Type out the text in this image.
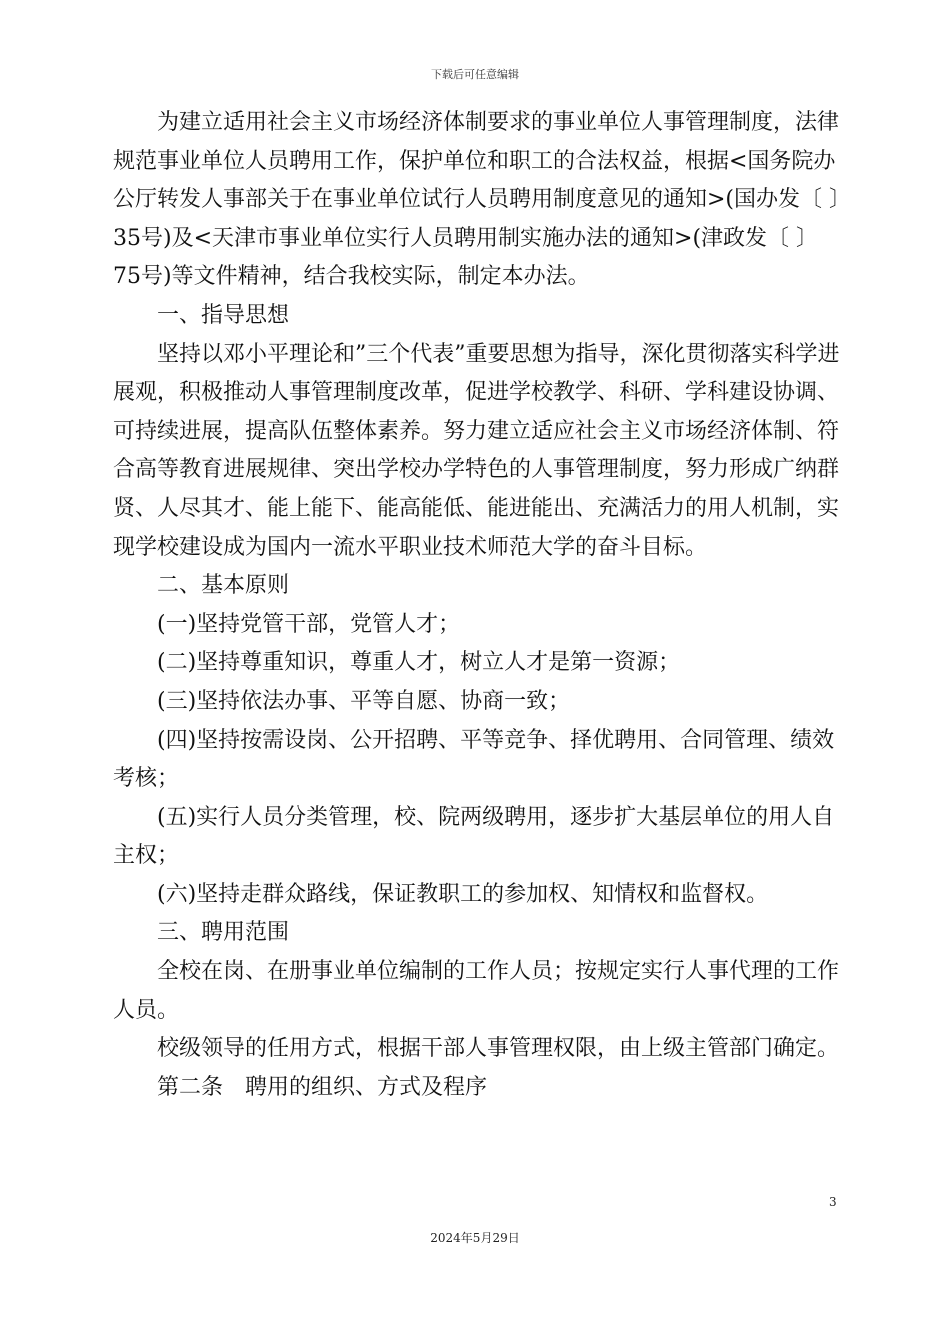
下载后可任意编辑

为建立适用社会主义市场经济体制要求的事业单位人事管理制度，法律规范事业单位人员聘用工作，保护单位和职工的合法权益，根据<国务院办公厅转发人事部关于在事业单位试行人员聘用制度意见的通知>(国办发〔 〕35号)及<天津市事业单位实行人员聘用制实施办法的通知>(津政发〔 〕75号)等文件精神，结合我校实际，制定本办法。

一、指导思想

坚持以邓小平理论和”三个代表”重要思想为指导，深化贯彻落实科学进展观，积极推动人事管理制度改革，促进学校教学、科研、学科建设协调、可持续进展，提高队伍整体素养。努力建立适应社会主义市场经济体制、符合高等教育进展规律、突出学校办学特色的人事管理制度，努力形成广纳群贤、人尽其才、能上能下、能高能低、能进能出、充满活力的用人机制，实现学校建设成为国内一流水平职业技术师范大学的奋斗目标。

二、基本原则

(一)坚持党管干部，党管人才；

(二)坚持尊重知识，尊重人才，树立人才是第一资源；

(三)坚持依法办事、平等自愿、协商一致；

(四)坚持按需设岗、公开招聘、平等竞争、择优聘用、合同管理、绩效考核；

(五)实行人员分类管理，校、院两级聘用，逐步扩大基层单位的用人自主权；

(六)坚持走群众路线，保证教职工的参加权、知情权和监督权。

三、聘用范围

全校在岗、在册事业单位编制的工作人员；按规定实行人事代理的工作人员。

校级领导的任用方式，根据干部人事管理权限，由上级主管部门确定。

第二条　聘用的组织、方式及程序

3
2024年5月29日
